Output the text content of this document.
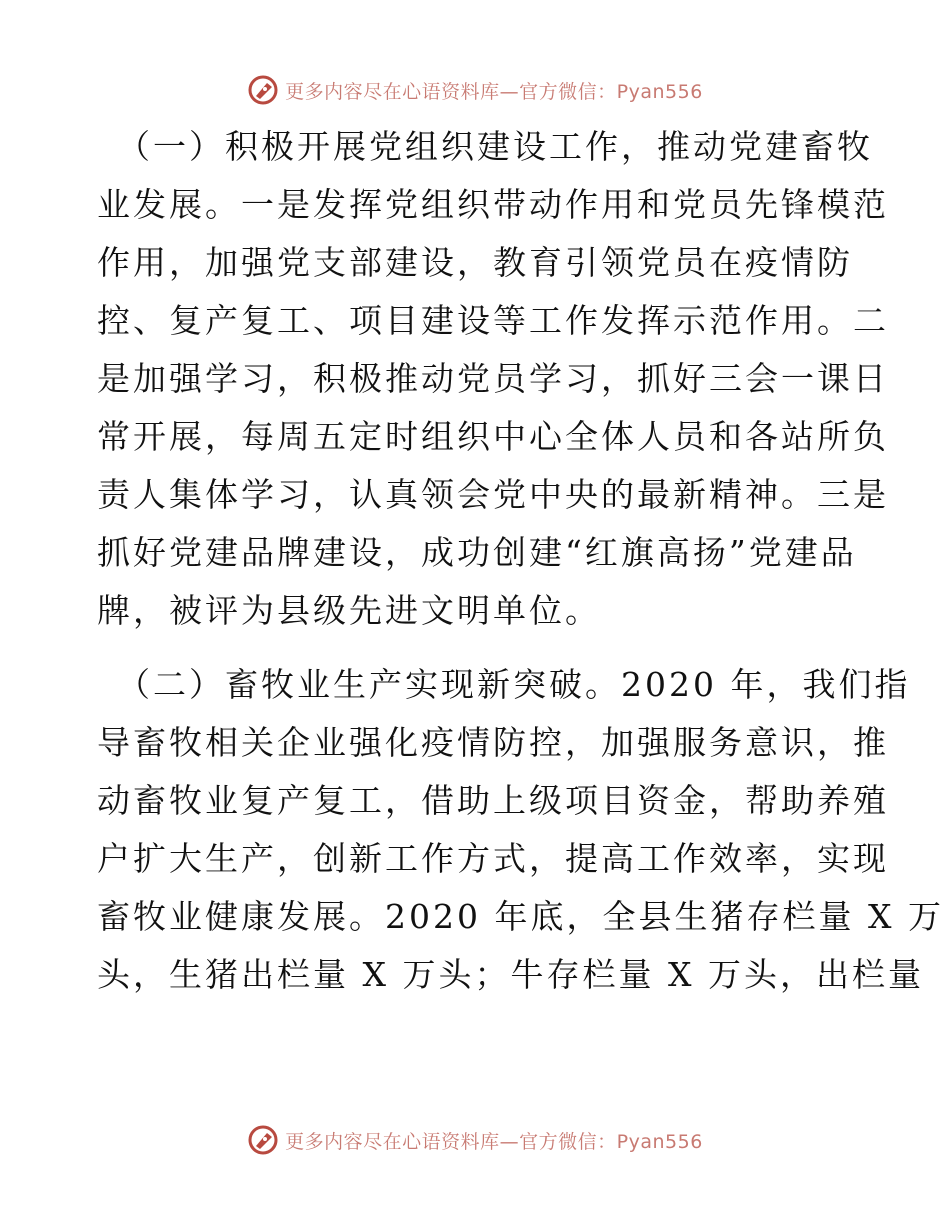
更多内容尽在心语资料库—官方微信：Pyan556
（一）积极开展党组织建设工作，推动党建畜牧
业发展。一是发挥党组织带动作用和党员先锋模范
作用，加强党支部建设，教育引领党员在疫情防
控、复产复工、项目建设等工作发挥示范作用。二
是加强学习，积极推动党员学习，抓好三会一课日
常开展，每周五定时组织中心全体人员和各站所负
责人集体学习，认真领会党中央的最新精神。三是
抓好党建品牌建设，成功创建“红旗高扬”党建品
牌，被评为县级先进文明单位。
（二）畜牧业生产实现新突破。2020 年，我们指
导畜牧相关企业强化疫情防控，加强服务意识，推
动畜牧业复产复工，借助上级项目资金，帮助养殖
户扩大生产，创新工作方式，提高工作效率，实现
畜牧业健康发展。2020 年底，全县生猪存栏量 X 万
头，生猪出栏量 X 万头；牛存栏量 X 万头，出栏量
更多内容尽在心语资料库—官方微信：Pyan556
